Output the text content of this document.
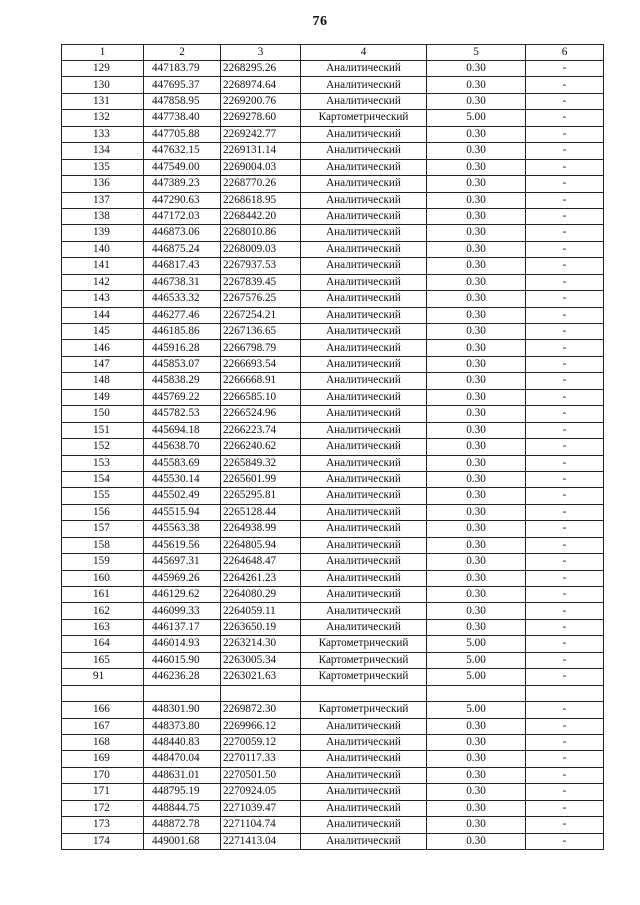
76
1	2	3	4	5	6
129	447183.79	2268295.26	Аналитический	0.30	-
130	447695.37	2268974.64	Аналитический	0.30	-
131	447858.95	2269200.76	Аналитический	0.30	-
132	447738.40	2269278.60	Картометрический	5.00	-
133	447705.88	2269242.77	Аналитический	0.30	-
134	447632.15	2269131.14	Аналитический	0.30	-
135	447549.00	2269004.03	Аналитический	0.30	-
136	447389.23	2268770.26	Аналитический	0.30	-
137	447290.63	2268618.95	Аналитический	0.30	-
138	447172.03	2268442.20	Аналитический	0.30	-
139	446873.06	2268010.86	Аналитический	0.30	-
140	446875.24	2268009.03	Аналитический	0.30	-
141	446817.43	2267937.53	Аналитический	0.30	-
142	446738.31	2267839.45	Аналитический	0.30	-
143	446533.32	2267576.25	Аналитический	0.30	-
144	446277.46	2267254.21	Аналитический	0.30	-
145	446185.86	2267136.65	Аналитический	0.30	-
146	445916.28	2266798.79	Аналитический	0.30	-
147	445853.07	2266693.54	Аналитический	0.30	-
148	445838.29	2266668.91	Аналитический	0.30	-
149	445769.22	2266585.10	Аналитический	0.30	-
150	445782.53	2266524.96	Аналитический	0.30	-
151	445694.18	2266223.74	Аналитический	0.30	-
152	445638.70	2266240.62	Аналитический	0.30	-
153	445583.69	2265849.32	Аналитический	0.30	-
154	445530.14	2265601.99	Аналитический	0.30	-
155	445502.49	2265295.81	Аналитический	0.30	-
156	445515.94	2265128.44	Аналитический	0.30	-
157	445563.38	2264938.99	Аналитический	0.30	-
158	445619.56	2264805.94	Аналитический	0.30	-
159	445697.31	2264648.47	Аналитический	0.30	-
160	445969.26	2264261.23	Аналитический	0.30	-
161	446129.62	2264080.29	Аналитический	0.30	-
162	446099.33	2264059.11	Аналитический	0.30	-
163	446137.17	2263650.19	Аналитический	0.30	-
164	446014.93	2263214.30	Картометрический	5.00	-
165	446015.90	2263005.34	Картометрический	5.00	-
91	446236.28	2263021.63	Картометрический	5.00	-

166	448301.90	2269872.30	Картометрический	5.00	-
167	448373.80	2269966.12	Аналитический	0.30	-
168	448440.83	2270059.12	Аналитический	0.30	-
169	448470.04	2270117.33	Аналитический	0.30	-
170	448631.01	2270501.50	Аналитический	0.30	-
171	448795.19	2270924.05	Аналитический	0.30	-
172	448844.75	2271039.47	Аналитический	0.30	-
173	448872.78	2271104.74	Аналитический	0.30	-
174	449001.68	2271413.04	Аналитический	0.30	-
